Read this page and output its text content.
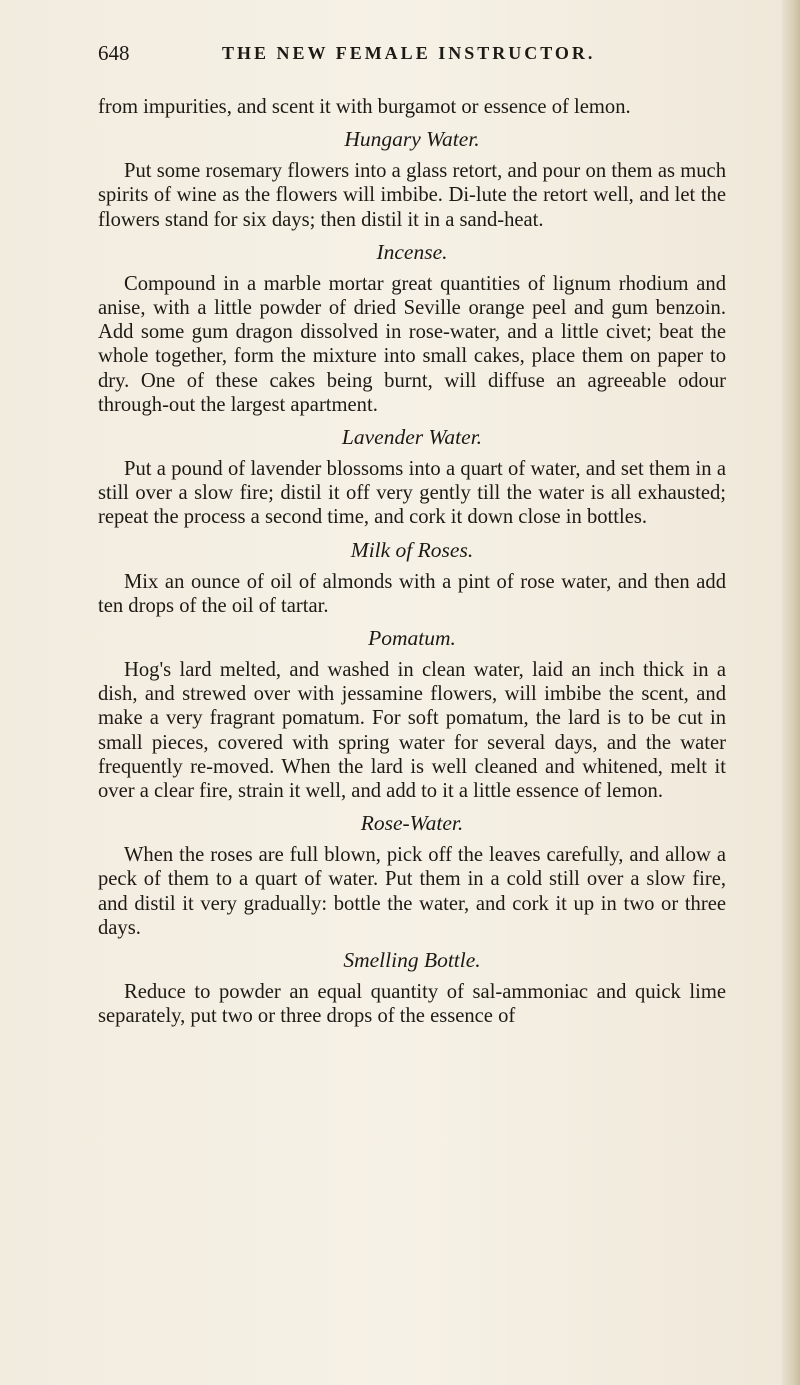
648	THE NEW FEMALE INSTRUCTOR.

from impurities, and scent it with burgamot or essence of lemon.

Hungary Water.

Put some rosemary flowers into a glass retort, and pour on them as much spirits of wine as the flowers will imbibe. Di-lute the retort well, and let the flowers stand for six days; then distil it in a sand-heat.

Incense.

Compound in a marble mortar great quantities of lignum rhodium and anise, with a little powder of dried Seville orange peel and gum benzoin. Add some gum dragon dissolved in rose-water, and a little civet; beat the whole together, form the mixture into small cakes, place them on paper to dry. One of these cakes being burnt, will diffuse an agreeable odour through-out the largest apartment.

Lavender Water.

Put a pound of lavender blossoms into a quart of water, and set them in a still over a slow fire; distil it off very gently till the water is all exhausted; repeat the process a second time, and cork it down close in bottles.

Milk of Roses.

Mix an ounce of oil of almonds with a pint of rose water, and then add ten drops of the oil of tartar.

Pomatum.

Hog's lard melted, and washed in clean water, laid an inch thick in a dish, and strewed over with jessamine flowers, will imbibe the scent, and make a very fragrant pomatum. For soft pomatum, the lard is to be cut in small pieces, covered with spring water for several days, and the water frequently re-moved. When the lard is well cleaned and whitened, melt it over a clear fire, strain it well, and add to it a little essence of lemon.

Rose-Water.

When the roses are full blown, pick off the leaves carefully, and allow a peck of them to a quart of water. Put them in a cold still over a slow fire, and distil it very gradually: bottle the water, and cork it up in two or three days.

Smelling Bottle.

Reduce to powder an equal quantity of sal-ammoniac and quick lime separately, put two or three drops of the essence of
